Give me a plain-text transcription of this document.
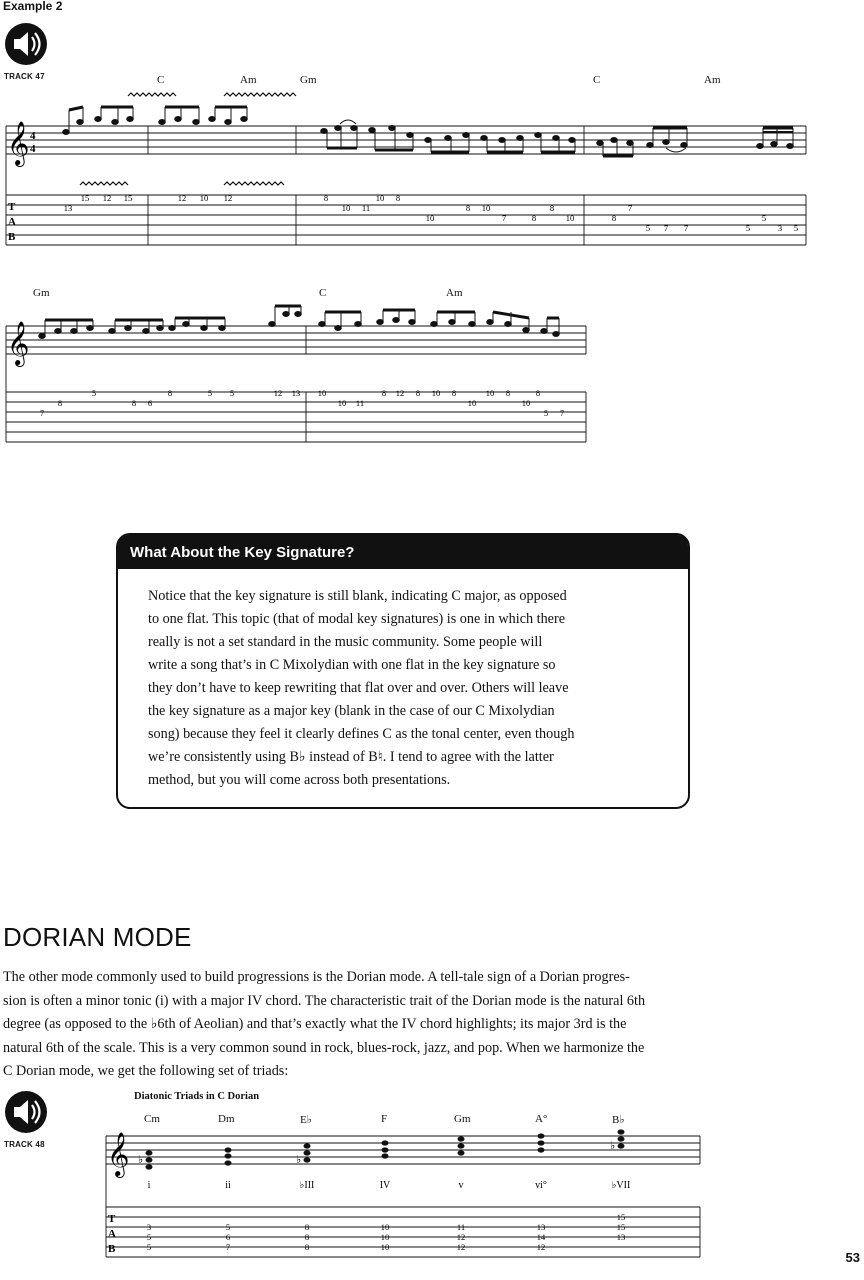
Example 2
TRACK 47	C	Am	Gm	C	Am
𝄞 4
4
T
A
B
13
15 12 15	12 10 12	8
10 11
10 8
10
8 10
7	8
8
10	8
7
5 7 7	5
5
3 5
Gm	C	Am
𝄞
7
8
5
8 6
8	5 5	12 13 10
10 11
8 12 8 10 8
10
10 8
10
8
5 7
What About the Key Signature?
Notice that the key signature is still blank, indicating C major, as opposed
to one flat. This topic (that of modal key signatures) is one in which there
really is not a set standard in the music community. Some people will
write a song that’s in C Mixolydian with one flat in the key signature so
they don’t have to keep rewriting that flat over and over. Others will leave
the key signature as a major key (blank in the case of our C Mixolydian
song) because they feel it clearly defines C as the tonal center, even though
we’re consistently using B♭ instead of B♮. I tend to agree with the latter
method, but you will come across both presentations.
DORIAN MODE
The other mode commonly used to build progressions is the Dorian mode. A tell-tale sign of a Dorian progres-
sion is often a minor tonic (i) with a major IV chord. The characteristic trait of the Dorian mode is the natural 6th
degree (as opposed to the ♭6th of Aeolian) and that’s exactly what the IV chord highlights; its major 3rd is the
natural 6th of the scale. This is a very common sound in rock, blues-rock, jazz, and pop. When we harmonize the
C Dorian mode, we get the following set of triads:
TRACK 48
Diatonic Triads in C Dorian
Cm	Dm	E♭	F	Gm	A°	B♭
𝄞 ♭	♭
♭
i	ii	♭III	IV	v	vi°	♭VII
T
A
B
3
5
5
5
6
7
8
8
8
10
10
10
11
12
12
13
14
12
15
15
13
53
